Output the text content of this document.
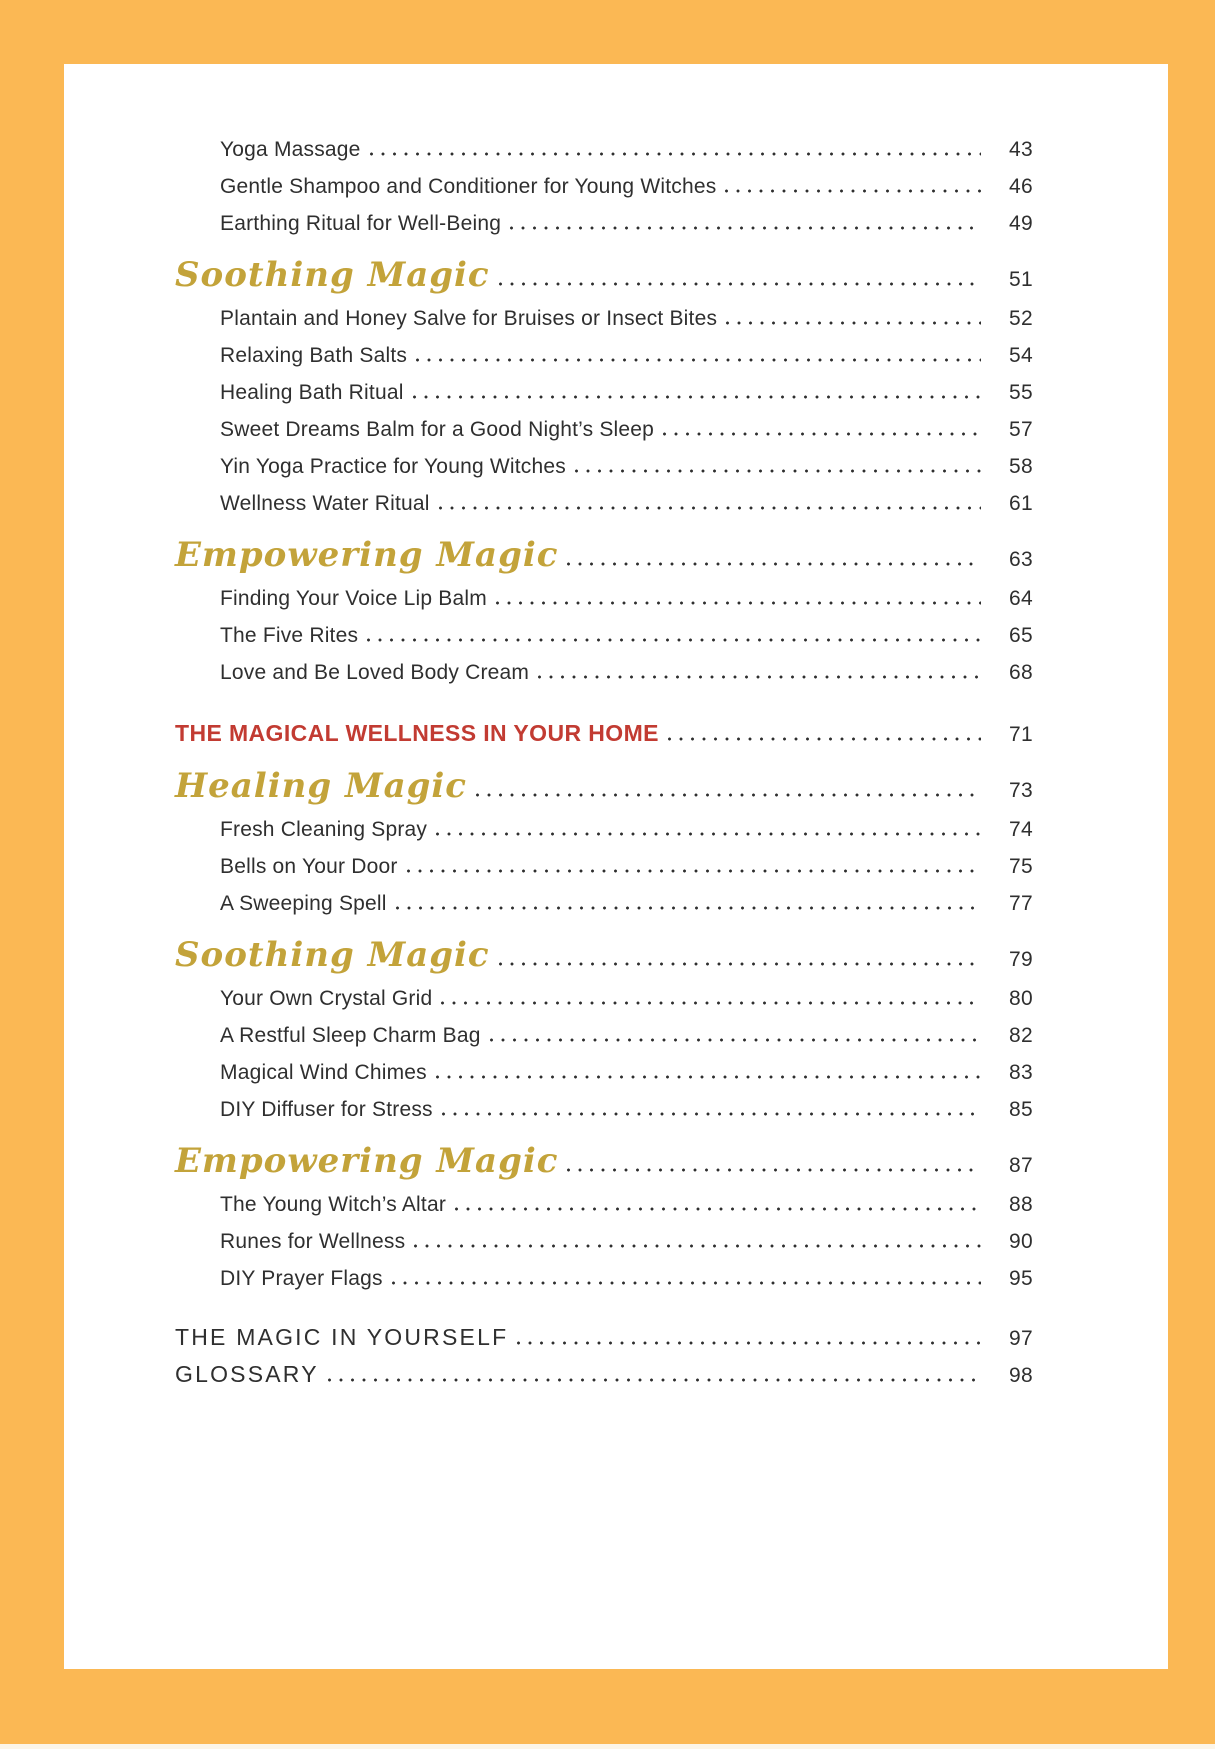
Yoga Massage	43
Gentle Shampoo and Conditioner for Young Witches	46
Earthing Ritual for Well-Being	49
Soothing Magic	51
Plantain and Honey Salve for Bruises or Insect Bites	52
Relaxing Bath Salts	54
Healing Bath Ritual	55
Sweet Dreams Balm for a Good Night’s Sleep	57
Yin Yoga Practice for Young Witches	58
Wellness Water Ritual	61
Empowering Magic	63
Finding Your Voice Lip Balm	64
The Five Rites	65
Love and Be Loved Body Cream	68
THE MAGICAL WELLNESS IN YOUR HOME	71
Healing Magic	73
Fresh Cleaning Spray	74
Bells on Your Door	75
A Sweeping Spell	77
Soothing Magic	79
Your Own Crystal Grid	80
A Restful Sleep Charm Bag	82
Magical Wind Chimes	83
DIY Diffuser for Stress	85
Empowering Magic	87
The Young Witch’s Altar	88
Runes for Wellness	90
DIY Prayer Flags	95
THE MAGIC IN YOURSELF	97
GLOSSARY	98
